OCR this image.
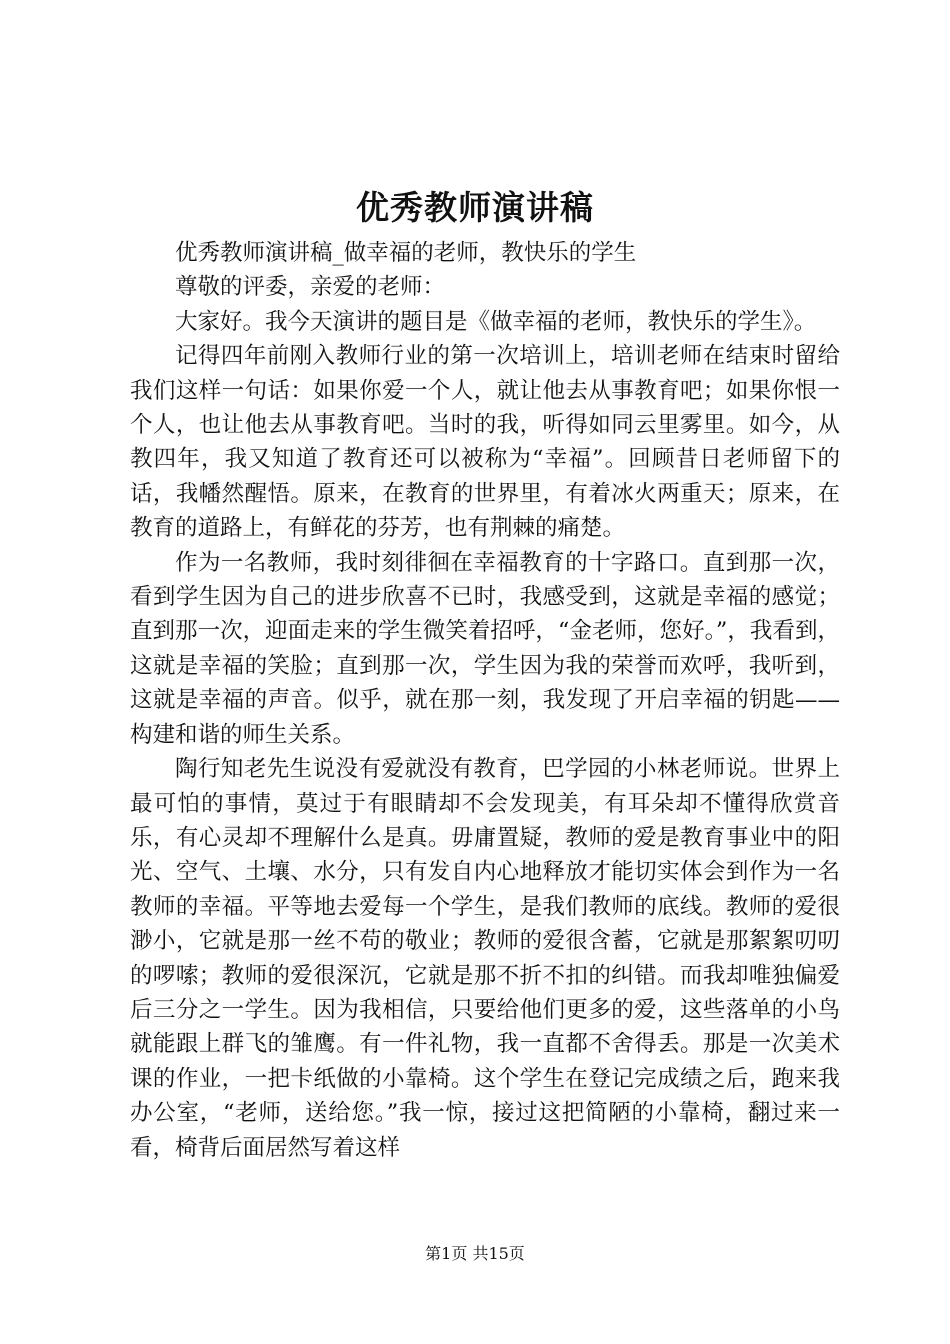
优秀教师演讲稿

优秀教师演讲稿_做幸福的老师，教快乐的学生

尊敬的评委，亲爱的老师：

大家好。我今天演讲的题目是《做幸福的老师，教快乐的学生》。

记得四年前刚入教师行业的第一次培训上，培训老师在结束时留给我们这样一句话：如果你爱一个人，就让他去从事教育吧；如果你恨一个人，也让他去从事教育吧。当时的我，听得如同云里雾里。如今，从教四年，我又知道了教育还可以被称为“幸福”。回顾昔日老师留下的话，我幡然醒悟。原来，在教育的世界里，有着冰火两重天；原来，在教育的道路上，有鲜花的芬芳，也有荆棘的痛楚。

作为一名教师，我时刻徘徊在幸福教育的十字路口。直到那一次，看到学生因为自己的进步欣喜不已时，我感受到，这就是幸福的感觉；直到那一次，迎面走来的学生微笑着招呼，“金老师，您好。”，我看到，这就是幸福的笑脸；直到那一次，学生因为我的荣誉而欢呼，我听到，这就是幸福的声音。似乎，就在那一刻，我发现了开启幸福的钥匙——构建和谐的师生关系。

陶行知老先生说没有爱就没有教育，巴学园的小林老师说。世界上最可怕的事情，莫过于有眼睛却不会发现美，有耳朵却不懂得欣赏音乐，有心灵却不理解什么是真。毋庸置疑，教师的爱是教育事业中的阳光、空气、土壤、水分，只有发自内心地释放才能切实体会到作为一名教师的幸福。平等地去爱每一个学生，是我们教师的底线。教师的爱很渺小，它就是那一丝不苟的敬业；教师的爱很含蓄，它就是那絮絮叨叨的啰嗦；教师的爱很深沉，它就是那不折不扣的纠错。而我却唯独偏爱后三分之一学生。因为我相信，只要给他们更多的爱，这些落单的小鸟就能跟上群飞的雏鹰。有一件礼物，我一直都不舍得丢。那是一次美术课的作业，一把卡纸做的小靠椅。这个学生在登记完成绩之后，跑来我办公室，“老师，送给您。”我一惊，接过这把简陋的小靠椅，翻过来一看，椅背后面居然写着这样

第1页 共15页
